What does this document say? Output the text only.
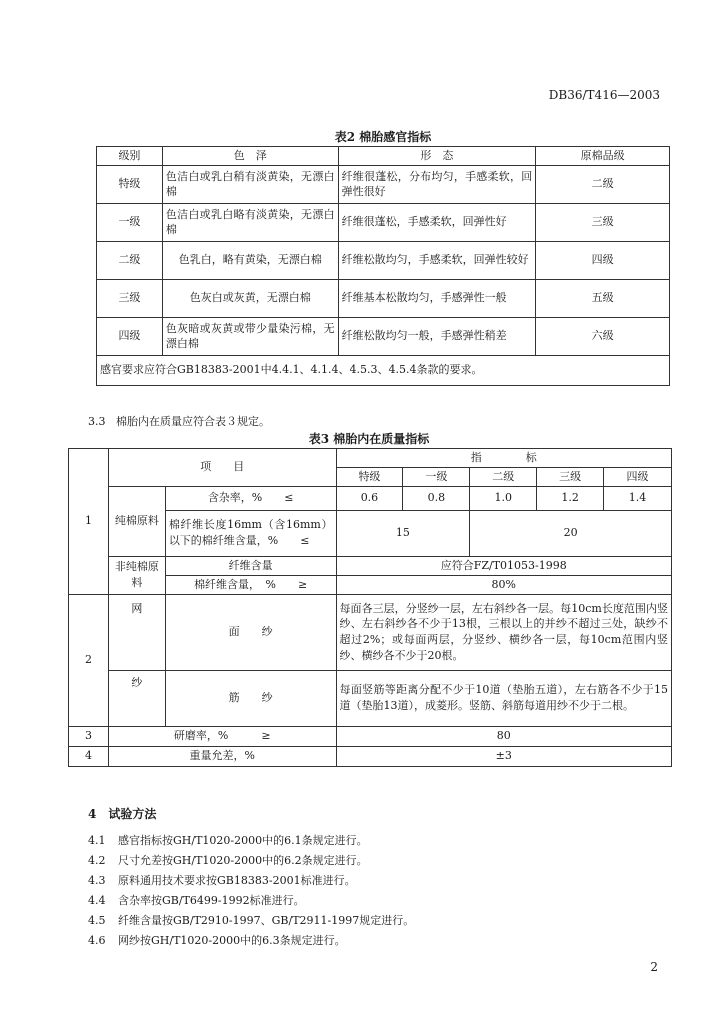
DB36/T416—2003
表2 棉胎感官指标
级别	色　泽	形　态	原棉品级
特级	色洁白或乳白稍有淡黄染，无漂白棉	纤维很蓬松，分布均匀，手感柔软，回弹性很好	二级
一级	色洁白或乳白略有淡黄染，无漂白棉	纤维很蓬松，手感柔软，回弹性好	三级
二级	色乳白，略有黄染，无漂白棉	纤维松散均匀，手感柔软，回弹性较好	四级
三级	色灰白或灰黄，无漂白棉	纤维基本松散均匀，手感弹性一般	五级
四级	色灰暗或灰黄或带少量染污棉，无漂白棉	纤维松散均匀一般，手感弹性稍差	六级
感官要求应符合GB18383-2001中4.4.1、4.1.4、4.5.3、4.5.4条款的要求。			
3.3 棉胎内在质量应符合表３规定。
表3 棉胎内在质量指标
1	项　　目		指　　　　标				
			特级	一级	二级	三级	四级
	纯棉原料	含杂率，%　　≤	0.6	0.8	1.0	1.2	1.4
		棉纤维长度16mm（含16mm）以下的棉纤维含量，%　　≤	15		20		
	非纯棉原料	纤维含量	应符合FZ/T01053-1998				
		棉纤维含量，　%　　≥	80%				
2	网	面　　纱	每面各三层，分竖纱一层，左右斜纱各一层。每10cm长度范围内竖纱、左右斜纱各不少于13根，三根以上的并纱不超过三处，缺纱不超过2%；或每面两层，分竖纱、横纱各一层，每10cm范围内竖纱、横纱各不少于20根。				
	纱	筋　　纱	每面竖筋等距离分配不少于10道（垫胎五道），左右筋各不少于15道（垫胎13道），成菱形。竖筋、斜筋每道用纱不少于二根。				
3	研磨率，%　　　≥		80				
4	重量允差，%		±3				
4　试验方法
4.1 感官指标按GH/T1020-2000中的6.1条规定进行。
4.2 尺寸允差按GH/T1020-2000中的6.2条规定进行。
4.3 原料通用技术要求按GB18383-2001标准进行。
4.4 含杂率按GB/T6499-1992标准进行。
4.5 纤维含量按GB/T2910-1997、GB/T2911-1997规定进行。
4.6 网纱按GH/T1020-2000中的6.3条规定进行。
2
